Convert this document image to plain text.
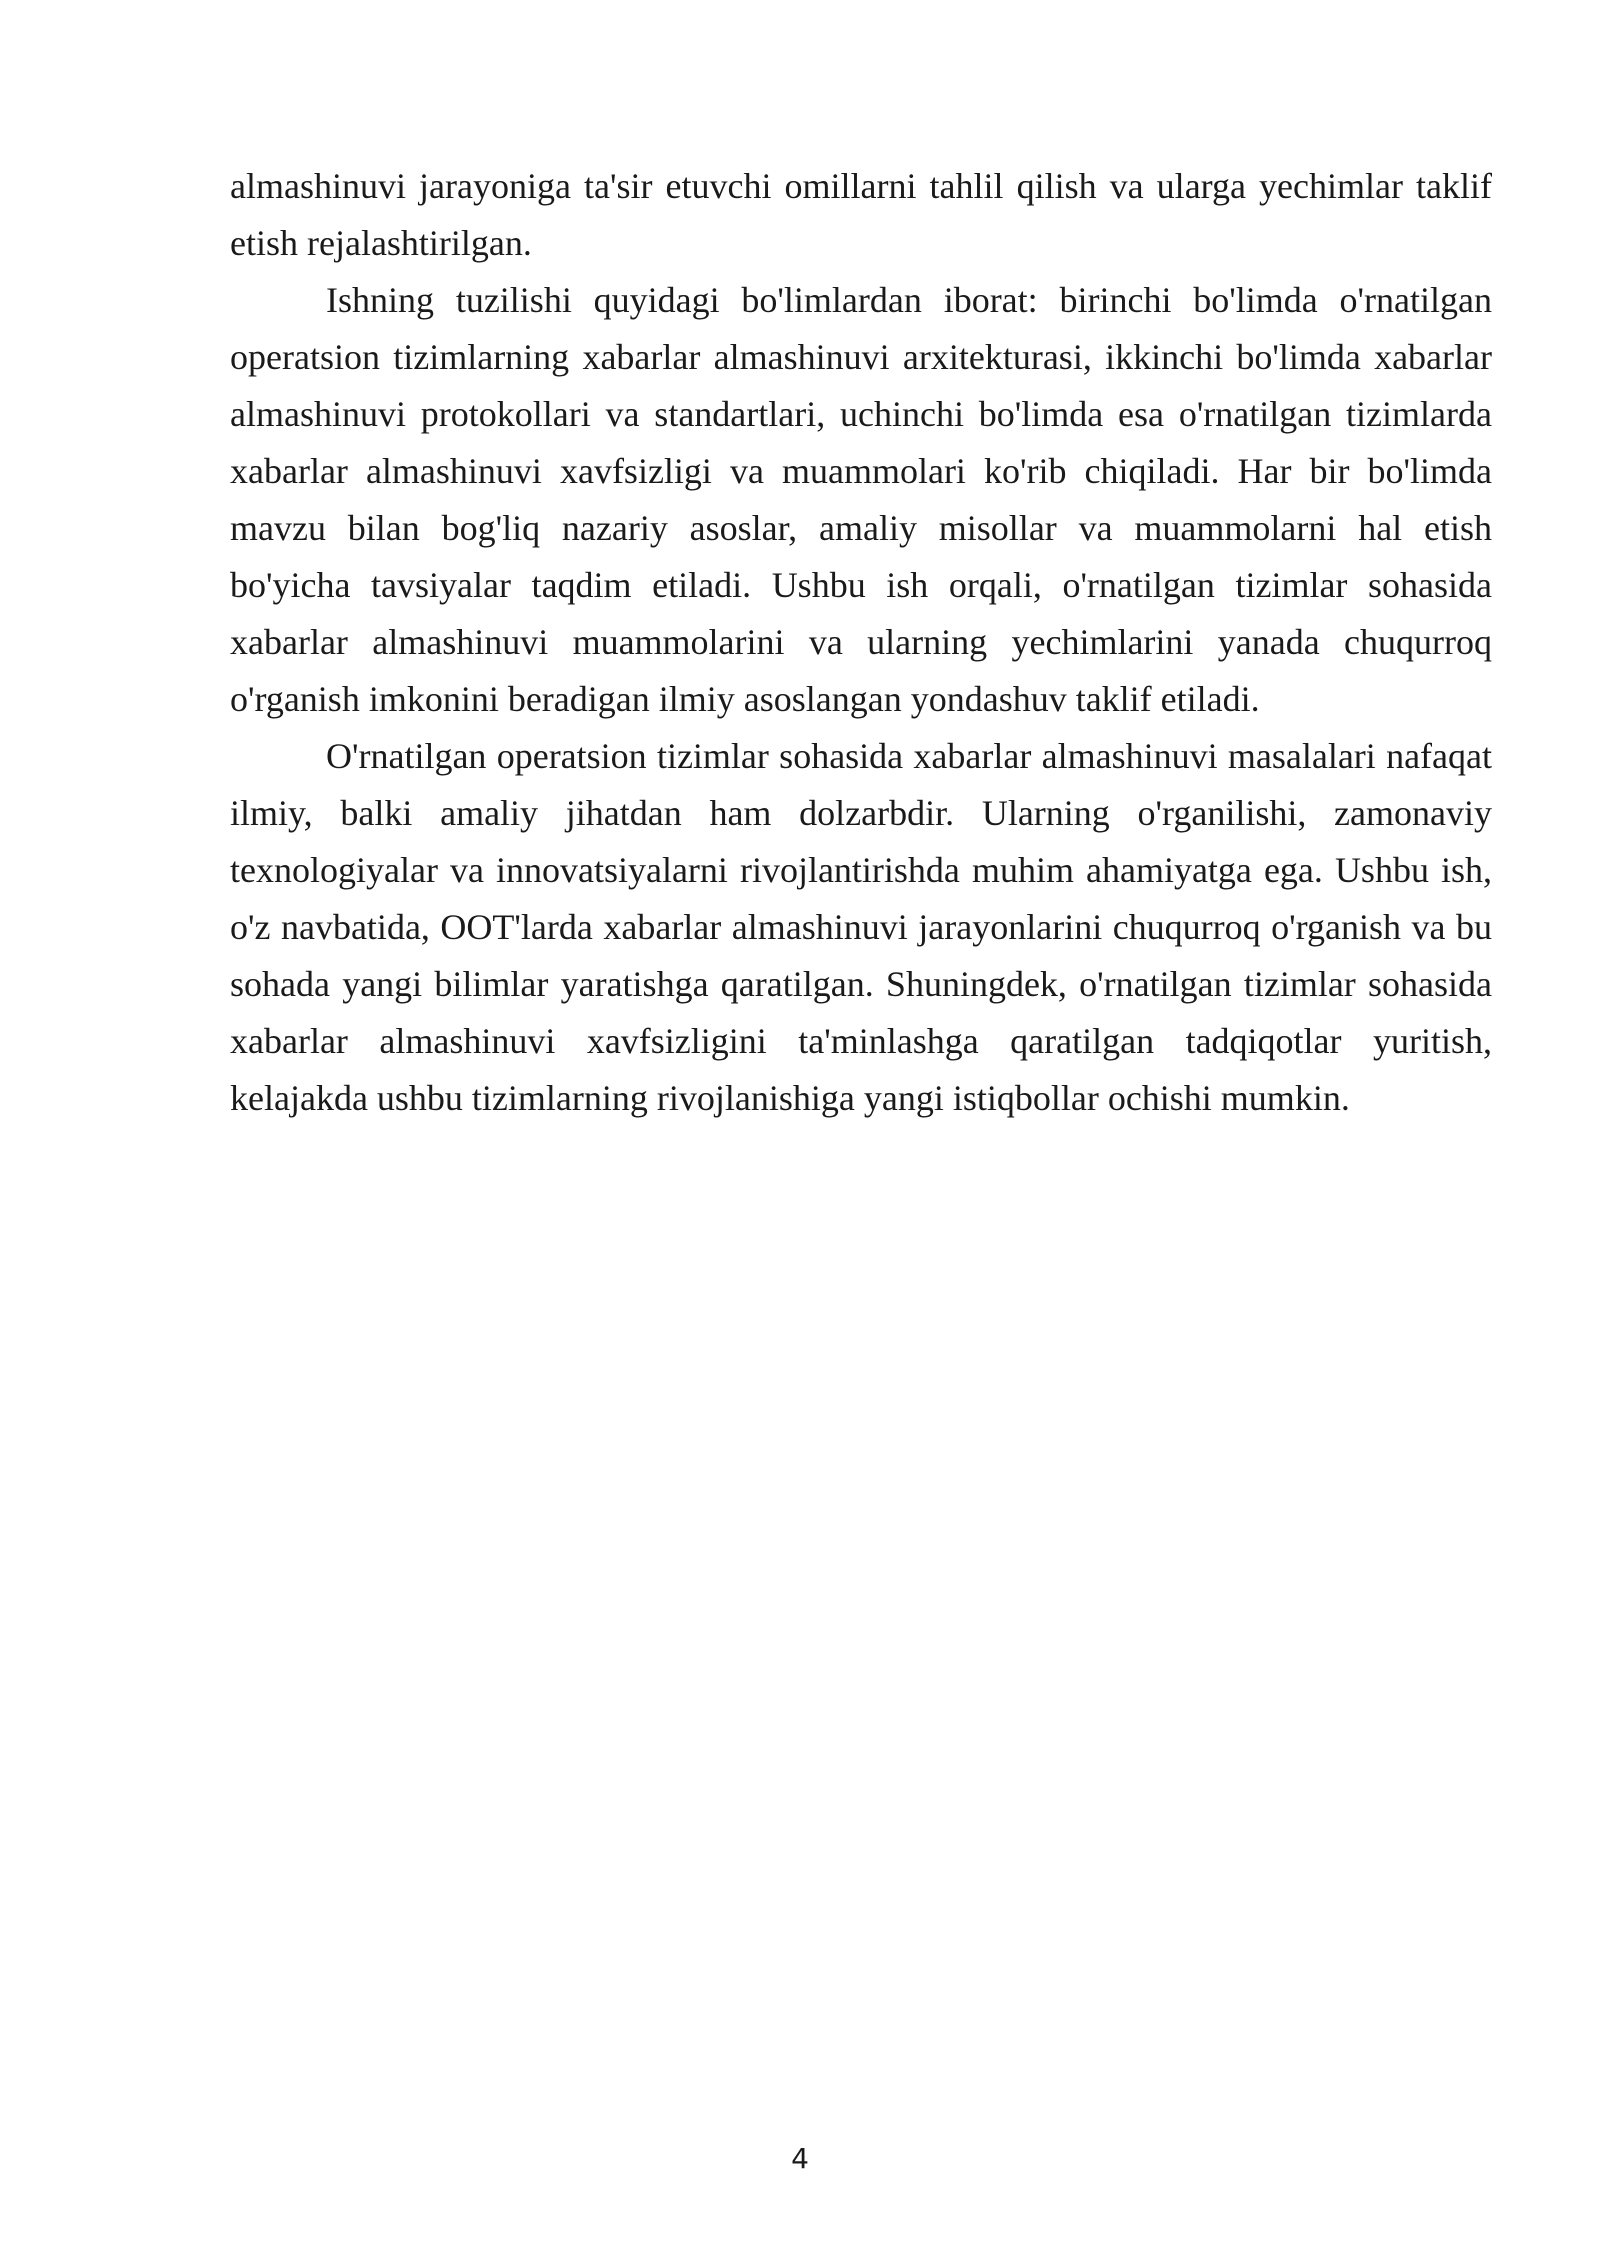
almashinuvi jarayoniga ta'sir etuvchi omillarni tahlil qilish va ularga yechimlar taklif etish rejalashtirilgan.

Ishning tuzilishi quyidagi bo'limlardan iborat: birinchi bo'limda o'rnatilgan operatsion tizimlarning xabarlar almashinuvi arxitekturasi, ikkinchi bo'limda xabarlar almashinuvi protokollari va standartlari, uchinchi bo'limda esa o'rnatilgan tizimlarda xabarlar almashinuvi xavfsizligi va muammolari ko'rib chiqiladi. Har bir bo'limda mavzu bilan bog'liq nazariy asoslar, amaliy misollar va muammolarni hal etish bo'yicha tavsiyalar taqdim etiladi. Ushbu ish orqali, o'rnatilgan tizimlar sohasida xabarlar almashinuvi muammolarini va ularning yechimlarini yanada chuqurroq o'rganish imkonini beradigan ilmiy asoslangan yondashuv taklif etiladi.

O'rnatilgan operatsion tizimlar sohasida xabarlar almashinuvi masalalari nafaqat ilmiy, balki amaliy jihatdan ham dolzarbdir. Ularning o'rganilishi, zamonaviy texnologiyalar va innovatsiyalarni rivojlantirishda muhim ahamiyatga ega. Ushbu ish, o'z navbatida, OOT'larda xabarlar almashinuvi jarayonlarini chuqurroq o'rganish va bu sohada yangi bilimlar yaratishga qaratilgan. Shuningdek, o'rnatilgan tizimlar sohasida xabarlar almashinuvi xavfsizligini ta'minlashga qaratilgan tadqiqotlar yuritish, kelajakda ushbu tizimlarning rivojlanishiga yangi istiqbollar ochishi mumkin.

4
